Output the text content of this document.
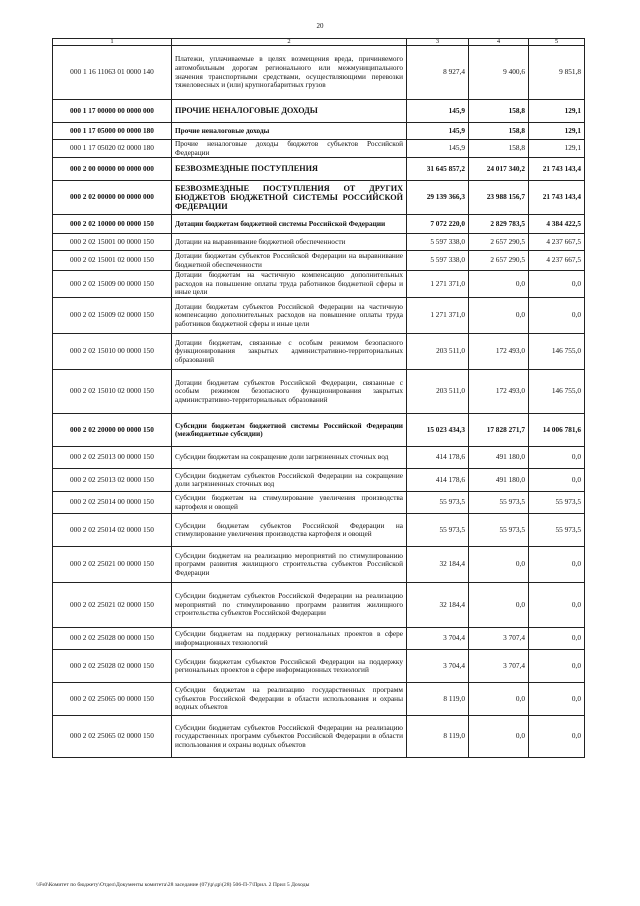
20
1	2	3	4	5
000 1 16 11063 01 0000 140	Платежи, уплачиваемые в целях возмещения вреда, причиняемого автомобильным дорогам регионального или межмуниципального значения транспортными средствами, осуществляющими перевозки тяжеловесных и (или) крупногабаритных грузов	8 927,4	9 400,6	9 851,8
000 1 17 00000 00 0000 000	ПРОЧИЕ НЕНАЛОГОВЫЕ ДОХОДЫ	145,9	158,8	129,1
000 1 17 05000 00 0000 180	Прочие неналоговые доходы	145,9	158,8	129,1
000 1 17 05020 02 0000 180	Прочие неналоговые доходы бюджетов субъектов Российской Федерации	145,9	158,8	129,1
000 2 00 00000 00 0000 000	БЕЗВОЗМЕЗДНЫЕ ПОСТУПЛЕНИЯ	31 645 857,2	24 017 340,2	21 743 143,4
000 2 02 00000 00 0000 000	БЕЗВОЗМЕЗДНЫЕ ПОСТУПЛЕНИЯ ОТ ДРУГИХ БЮДЖЕТОВ БЮДЖЕТНОЙ СИСТЕМЫ РОССИЙСКОЙ ФЕДЕРАЦИИ	29 139 366,3	23 988 156,7	21 743 143,4
000 2 02 10000 00 0000 150	Дотации бюджетам бюджетной системы Российской Федерации	7 072 220,0	2 829 783,5	4 384 422,5
000 2 02 15001 00 0000 150	Дотации на выравнивание бюджетной обеспеченности	5 597 338,0	2 657 290,5	4 237 667,5
000 2 02 15001 02 0000 150	Дотации бюджетам субъектов Российской Федерации на выравнивание бюджетной обеспеченности	5 597 338,0	2 657 290,5	4 237 667,5
000 2 02 15009 00 0000 150	Дотации бюджетам на частичную компенсацию дополнительных расходов на повышение оплаты труда работников бюджетной сферы и иные цели	1 271 371,0	0,0	0,0
000 2 02 15009 02 0000 150	Дотации бюджетам субъектов Российской Федерации на частичную компенсацию дополнительных расходов на повышение оплаты труда работников бюджетной сферы и иные цели	1 271 371,0	0,0	0,0
000 2 02 15010 00 0000 150	Дотации бюджетам, связанные с особым режимом безопасного функционирования закрытых административно-территориальных образований	203 511,0	172 493,0	146 755,0
000 2 02 15010 02 0000 150	Дотации бюджетам субъектов Российской Федерации, связанные с особым режимом безопасного функционирования закрытых административно-территориальных образований	203 511,0	172 493,0	146 755,0
000 2 02 20000 00 0000 150	Субсидии бюджетам бюджетной системы Российской Федерации (межбюджетные субсидии)	15 023 434,3	17 828 271,7	14 006 781,6
000 2 02 25013 00 0000 150	Субсидии бюджетам на сокращение доли загрязненных сточных вод	414 178,6	491 180,0	0,0
000 2 02 25013 02 0000 150	Субсидии бюджетам субъектов Российской Федерации на сокращение доли загрязненных сточных вод	414 178,6	491 180,0	0,0
000 2 02 25014 00 0000 150	Субсидии бюджетам на стимулирование увеличения производства картофеля и овощей	55 973,5	55 973,5	55 973,5
000 2 02 25014 02 0000 150	Субсидии бюджетам субъектов Российской Федерации на стимулирование увеличения производства картофеля и овощей	55 973,5	55 973,5	55 973,5
000 2 02 25021 00 0000 150	Субсидии бюджетам на реализацию мероприятий по стимулированию программ развития жилищного строительства субъектов Российской Федерации	32 184,4	0,0	0,0
000 2 02 25021 02 0000 150	Субсидии бюджетам субъектов Российской Федерации на реализацию мероприятий по стимулированию программ развития жилищного строительства субъектов Российской Федерации	32 184,4	0,0	0,0
000 2 02 25028 00 0000 150	Субсидии бюджетам на поддержку региональных проектов в сфере информационных технологий	3 704,4	3 707,4	0,0
000 2 02 25028 02 0000 150	Субсидии бюджетам субъектов Российской Федерации на поддержку региональных проектов в сфере информационных технологий	3 704,4	3 707,4	0,0
000 2 02 25065 00 0000 150	Субсидии бюджетам на реализацию государственных программ субъектов Российской Федерации в области использования и охраны водных объектов	8 119,0	0,0	0,0
000 2 02 25065 02 0000 150	Субсидии бюджетам субъектов Российской Федерации на реализацию государственных программ субъектов Российской Федерации в области использования и охраны водных объектов	8 119,0	0,0	0,0
\\Fs0\Комитет по бюджету\Отдел\Документы комитета\28 заседание (07)\р\др\(28) 506-П-7\Прил. 2 Прил 5 Доходы
